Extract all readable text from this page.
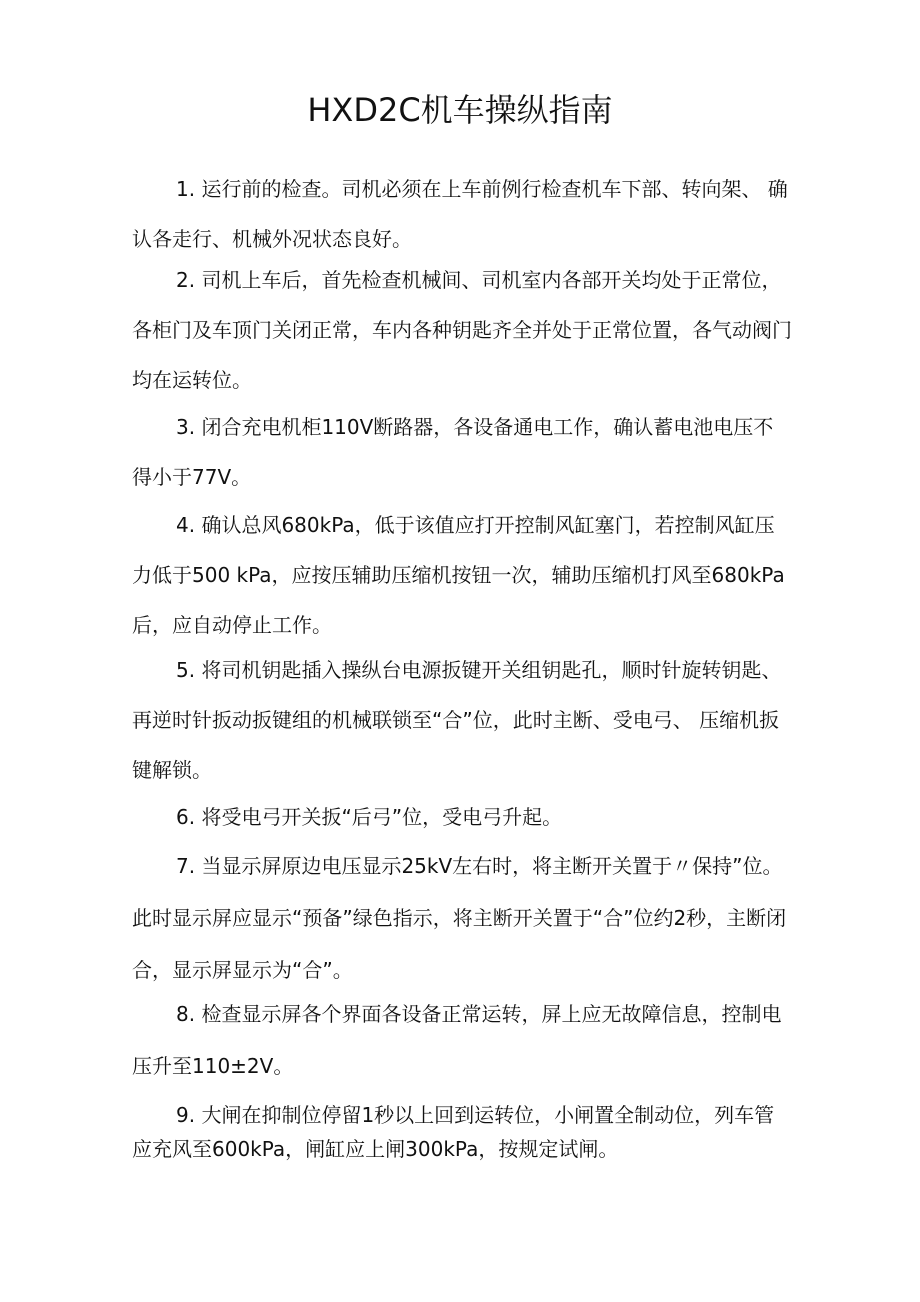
HXD2C机车操纵指南

1. 运行前的检查。司机必须在上车前例行检查机车下部、转向架、 确认各走行、机械外况状态良好。

2. 司机上车后，首先检查机械间、司机室内各部开关均处于正常位，各柜门及车顶门关闭正常，车内各种钥匙齐全并处于正常位置，各气动阀门均在运转位。

3. 闭合充电机柜110V断路器，各设备通电工作，确认蓄电池电压不得小于77V。

4. 确认总风680kPa，低于该值应打开控制风缸塞门，若控制风缸压力低于500 kPa，应按压辅助压缩机按钮一次，辅助压缩机打风至680kPa后，应自动停止工作。

5. 将司机钥匙插入操纵台电源扳键开关组钥匙孔，顺时针旋转钥匙、再逆时针扳动扳键组的机械联锁至“合”位，此时主断、受电弓、 压缩机扳键解锁。

6. 将受电弓开关扳“后弓”位，受电弓升起。

7. 当显示屏原边电压显示25kV左右时，将主断开关置于〃保持”位。此时显示屏应显示“预备”绿色指示，将主断开关置于“合”位约2秒，主断闭合，显示屏显示为“合”。

8. 检查显示屏各个界面各设备正常运转，屏上应无故障信息，控制电压升至110±2V。

9. 大闸在抑制位停留1秒以上回到运转位，小闸置全制动位，列车管应充风至600kPa，闸缸应上闸300kPa，按规定试闸。
